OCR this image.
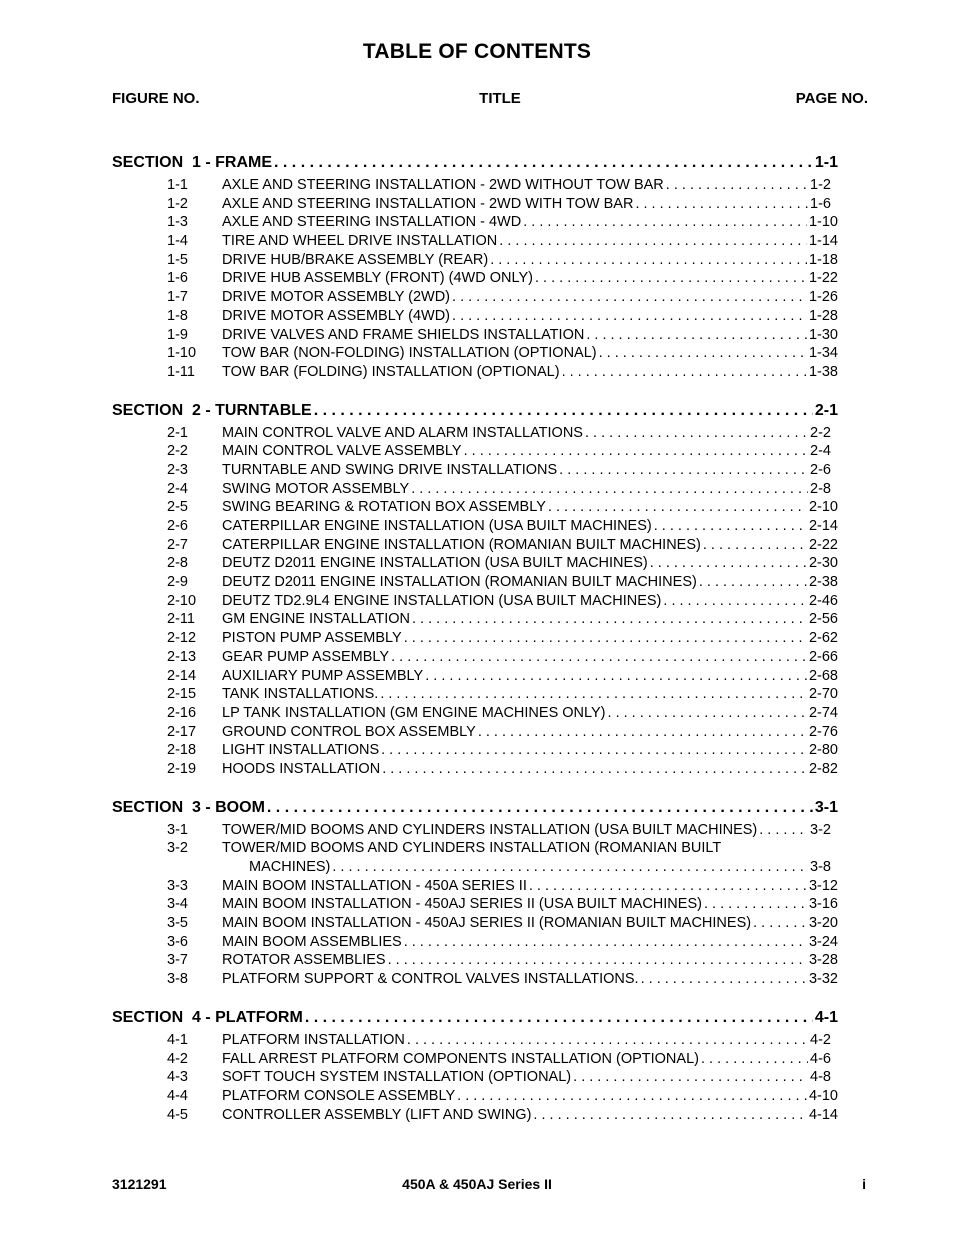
TABLE OF CONTENTS
FIGURE NO.	TITLE	PAGE NO.
SECTION  1 - FRAME . . .	1-1
1-1	AXLE AND STEERING INSTALLATION - 2WD WITHOUT TOW BAR . . .	1-2
1-2	AXLE AND STEERING INSTALLATION - 2WD WITH TOW BAR . . .	1-6
1-3	AXLE AND STEERING INSTALLATION - 4WD . . .	1-10
1-4	TIRE AND WHEEL DRIVE INSTALLATION . . .	1-14
1-5	DRIVE HUB/BRAKE ASSEMBLY (REAR) . . .	1-18
1-6	DRIVE HUB ASSEMBLY (FRONT) (4WD ONLY) . . .	1-22
1-7	DRIVE MOTOR ASSEMBLY (2WD) . . .	1-26
1-8	DRIVE MOTOR ASSEMBLY (4WD) . . .	1-28
1-9	DRIVE VALVES AND FRAME SHIELDS INSTALLATION . . .	1-30
1-10	TOW BAR (NON-FOLDING) INSTALLATION (OPTIONAL) . . .	1-34
1-11	TOW BAR (FOLDING) INSTALLATION (OPTIONAL) . . .	1-38
SECTION  2 - TURNTABLE . . .	2-1
2-1	MAIN CONTROL VALVE AND ALARM INSTALLATIONS . . .	2-2
2-2	MAIN CONTROL VALVE ASSEMBLY . . .	2-4
2-3	TURNTABLE AND SWING DRIVE INSTALLATIONS . . .	2-6
2-4	SWING MOTOR ASSEMBLY . . .	2-8
2-5	SWING BEARING & ROTATION BOX ASSEMBLY . . .	2-10
2-6	CATERPILLAR ENGINE INSTALLATION (USA BUILT MACHINES) . . .	2-14
2-7	CATERPILLAR ENGINE INSTALLATION (ROMANIAN BUILT MACHINES) . . .	2-22
2-8	DEUTZ D2011 ENGINE INSTALLATION (USA BUILT MACHINES) . . .	2-30
2-9	DEUTZ D2011 ENGINE INSTALLATION (ROMANIAN BUILT MACHINES) . . .	2-38
2-10	DEUTZ TD2.9L4 ENGINE INSTALLATION (USA BUILT MACHINES) . . .	2-46
2-11	GM ENGINE INSTALLATION . . .	2-56
2-12	PISTON PUMP ASSEMBLY . . .	2-62
2-13	GEAR PUMP ASSEMBLY . . .	2-66
2-14	AUXILIARY PUMP ASSEMBLY . . .	2-68
2-15	TANK INSTALLATIONS. . . .	2-70
2-16	LP TANK INSTALLATION (GM ENGINE MACHINES ONLY) . . .	2-74
2-17	GROUND CONTROL BOX ASSEMBLY . . .	2-76
2-18	LIGHT INSTALLATIONS . . .	2-80
2-19	HOODS INSTALLATION . . .	2-82
SECTION  3 - BOOM . . .	3-1
3-1	TOWER/MID BOOMS AND CYLINDERS INSTALLATION (USA BUILT MACHINES) . . .	3-2
3-2	TOWER/MID BOOMS AND CYLINDERS INSTALLATION (ROMANIAN BUILT
MACHINES) . . .	3-8
3-3	MAIN BOOM INSTALLATION - 450A SERIES II . . .	3-12
3-4	MAIN BOOM INSTALLATION - 450AJ SERIES II (USA BUILT MACHINES) . . .	3-16
3-5	MAIN BOOM INSTALLATION - 450AJ SERIES II (ROMANIAN BUILT MACHINES) . . .	3-20
3-6	MAIN BOOM ASSEMBLIES . . .	3-24
3-7	ROTATOR ASSEMBLIES . . .	3-28
3-8	PLATFORM SUPPORT & CONTROL VALVES INSTALLATIONS. . . .	3-32
SECTION  4 - PLATFORM . . .	4-1
4-1	PLATFORM INSTALLATION . . .	4-2
4-2	FALL ARREST PLATFORM COMPONENTS INSTALLATION (OPTIONAL) . . .	4-6
4-3	SOFT TOUCH SYSTEM INSTALLATION (OPTIONAL) . . .	4-8
4-4	PLATFORM CONSOLE ASSEMBLY . . .	4-10
4-5	CONTROLLER ASSEMBLY (LIFT AND SWING) . . .	4-14
3121291	450A & 450AJ Series II	i
